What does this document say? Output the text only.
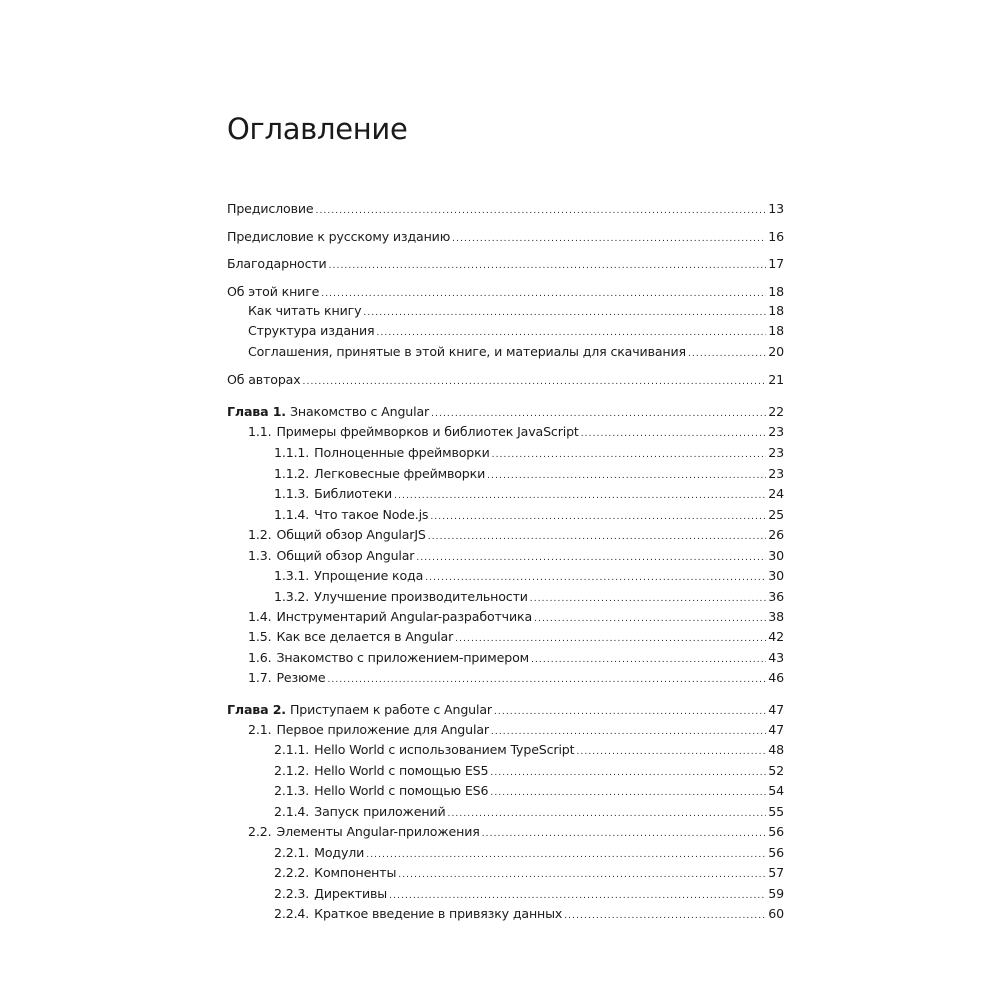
Оглавление
Предисловие .....	13
Предисловие к русскому изданию .....	16
Благодарности .....	17
Об этой книге .....	18
Как читать книгу .....	18
Структура издания .....	18
Соглашения, принятые в этой книге, и материалы для скачивания .....	20
Об авторах .....	21
Глава 1. Знакомство с Angular .....	22
1.1. Примеры фреймворков и библиотек JavaScript .....	23
1.1.1. Полноценные фреймворки .....	23
1.1.2. Легковесные фреймворки .....	23
1.1.3. Библиотеки .....	24
1.1.4. Что такое Node.js .....	25
1.2. Общий обзор AngularJS .....	26
1.3. Общий обзор Angular .....	30
1.3.1. Упрощение кода .....	30
1.3.2. Улучшение производительности .....	36
1.4. Инструментарий Angular-разработчика .....	38
1.5. Как все делается в Angular .....	42
1.6. Знакомство с приложением-примером .....	43
1.7. Резюме .....	46
Глава 2. Приступаем к работе с Angular .....	47
2.1. Первое приложение для Angular .....	47
2.1.1. Hello World с использованием TypeScript .....	48
2.1.2. Hello World с помощью ES5 .....	52
2.1.3. Hello World с помощью ES6 .....	54
2.1.4. Запуск приложений .....	55
2.2. Элементы Angular-приложения .....	56
2.2.1. Модули .....	56
2.2.2. Компоненты .....	57
2.2.3. Директивы .....	59
2.2.4. Краткое введение в привязку данных .....	60
